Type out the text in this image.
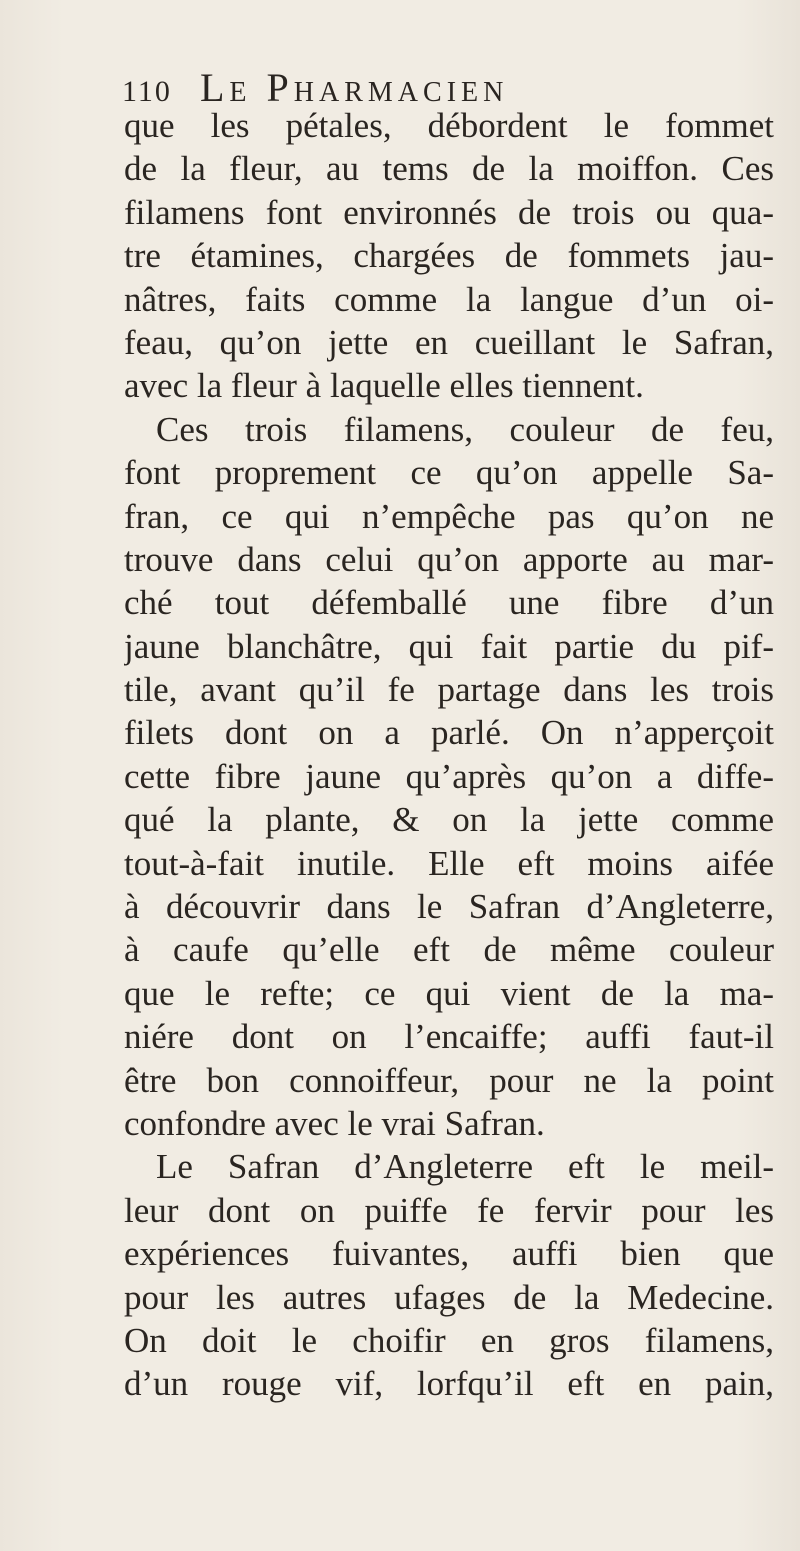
110 Le Pharmacien
que les pétales, débordent le fommet
de la fleur, au tems de la moiffon. Ces
filamens font environnés de trois ou qua-
tre étamines, chargées de fommets jau-
nâtres, faits comme la langue d’un oi-
feau, qu’on jette en cueillant le Safran,
avec la fleur à laquelle elles tiennent.
Ces trois filamens, couleur de feu,
font proprement ce qu’on appelle Sa-
fran, ce qui n’empêche pas qu’on ne
trouve dans celui qu’on apporte au mar-
ché tout défemballé une fibre d’un
jaune blanchâtre, qui fait partie du pif-
tile, avant qu’il fe partage dans les trois
filets dont on a parlé. On n’apperçoit
cette fibre jaune qu’après qu’on a diffe-
qué la plante, & on la jette comme
tout-à-fait inutile. Elle eft moins aifée
à découvrir dans le Safran d’Angleterre,
à caufe qu’elle eft de même couleur
que le refte; ce qui vient de la ma-
niére dont on l’encaiffe; auffi faut-il
être bon connoiffeur, pour ne la point
confondre avec le vrai Safran.
Le Safran d’Angleterre eft le meil-
leur dont on puiffe fe fervir pour les
expériences fuivantes, auffi bien que
pour les autres ufages de la Medecine.
On doit le choifir en gros filamens,
d’un rouge vif, lorfqu’il eft en pain,
